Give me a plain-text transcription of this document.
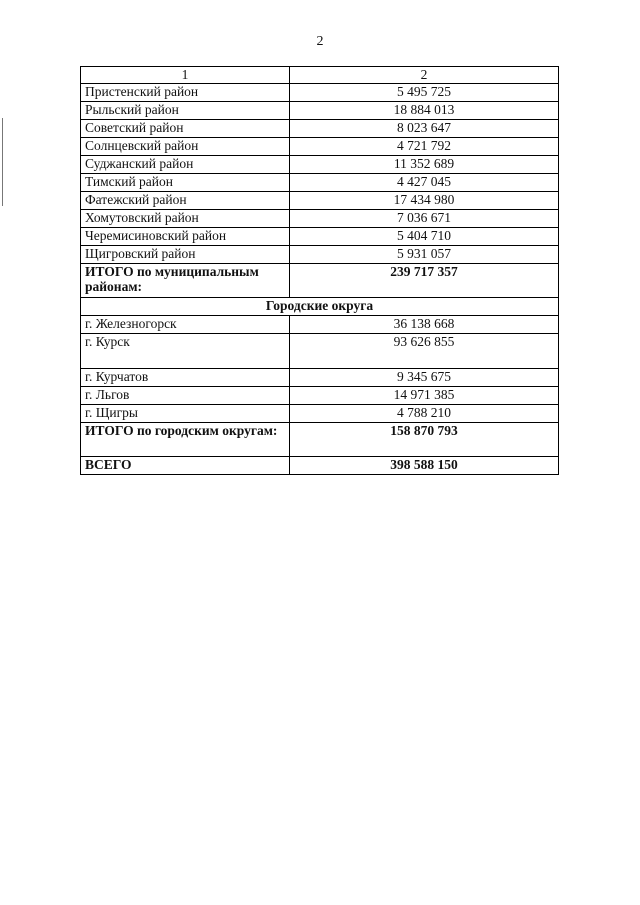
2
1	2
Пристенский район	5 495 725
Рыльский район	18 884 013
Советский район	8 023 647
Солнцевский район	4 721 792
Суджанский район	11 352 689
Тимский район	4 427 045
Фатежский район	17 434 980
Хомутовский район	7 036 671
Черемисиновский район	5 404 710
Щигровский район	5 931 057
ИТОГО по муниципальным районам:	239 717 357
Городские округа	
г. Железногорск	36 138 668
г. Курск	93 626 855
г. Курчатов	9 345 675
г. Льгов	14 971 385
г. Щигры	4 788 210
ИТОГО по городским округам:	158 870 793
ВСЕГО	398 588 150
